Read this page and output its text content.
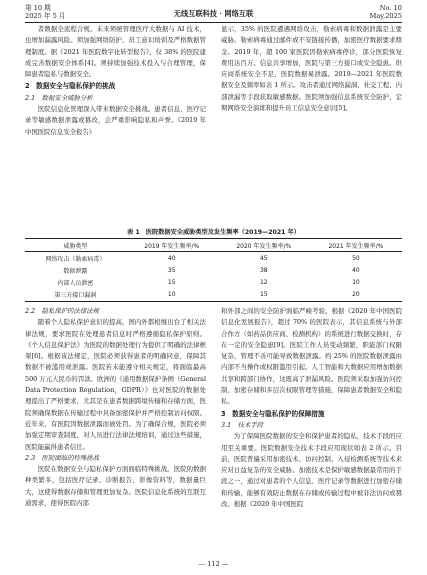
第 10 期
2025 年 5 月	无线互联科技 · 网络互联
No. 10
May,2025

者数据全流程合规。未来须统管理医疗大数据与 AI 技术，也增加漏露风险。须加强网络防护、员工意识培训及严格数据管理制度。据《2021 年医院数字化转型报告》，仅 38% 的医院建成完善数据安全体系[4]。须持续加强技术投入与合理管理，保障患者隐私与数据安全。

2　数据安全与隐私保护的挑战
2.1　数据安全威胁分析

医院信息化管理深入带来数据安全挑战。患者信息、医疗记录等敏感数据泄露或篡改，会严重影响隐私和声誉。《2019 年中国医院信息安全报告》

显示，35% 的医院遭遇网络攻击，勒索病毒和数据泄露是主要威胁。勒索病毒通过邮件或不安链接传播，加密医疗数据要求赎金。2019 年，超 100 家医院因勒索病毒停诊，部分医院恢复费用达百万。信息共享增加，医院与第三方接口或安全隐患。供应商系统安全不足，医院数据易泄露。2019—2021 年医院数据安全及频率如表 1 所示。攻击者通过网络漏洞、社交工程、内部泄漏等手段获取敏感数据。医院须加强信息系统安全防护，定期网络安全演练和提升员工信息安全意识[5]。

表 1　医院数据安全威胁类型及发生频率（2019—2021 年）
威胁类型	2019 年发生频率/%	2020 年发生频率/%	2021 年发生频率/%
网络攻击（勒索病毒）	40	45	50
数据泄露	35	38	40
内部人员泄密	15	12	10
第三方接口漏洞	10	15	20
2.2　隐私保护的法律法规

随着个人隐私保护意识的提高，国内外都相继出台了相关法律法规，要求医院在处理患者信息时严格遵循隐私保护原则。《个人信息保护法》为医院的数据处理行为提供了明确的法律框架[6]。根据该法规定，医院必须获得患者的明确同意，保障其数据不被滥用或泄露。医院若未能遵守相关规定，将面临最高 500 万元人民币的罚款。欧洲的《通用数据保护条例（General Data Protection Regulation，GDPR）》也对医院的数据处理提出了严格要求，尤其是在患者数据跨境传输和存储方面，医院须确保数据在传输过程中具备加密保护并严格控制访问权限。近年来，有医院因数据泄露而被处罚。为了确保合规，医院必须加强定期审查制度，对人员进行法律法规培训，通过这些措施，医院能赢得患者信任。

2.3　医院面临的特殊挑战

医院在数据安全与隐私保护方面面临特殊挑战。医院的数据种类繁多，包括医疗记录、诊断报告、影像资料等，数据量巨大，这使得数据存储和管理更加复杂。医院信息化系统的互联互通需求，使得医院内部

和外部之间的安全防护面临严峻考验。根据《2020 年中国医院信息化发展报告》，超过 70% 的医院表示，其信息系统与外部合作方（如药品供应商、检测机构）的系统进行数据交换时，存在一定的安全隐患[9]。医院工作人员变动频繁，职能部门权限复杂，管理不善可能导致数据泄露。约 25% 的医院数据泄露由内部不当操作或权限滥用引起。人工智能和大数据应用增加数据共享和跨部门协作，这既高了泄漏风险。医院须采取加强访问控制、加密存储和多层次权限管理等措施，保障患者数据安全和隐私。

3　数据安全与隐私保护的保障措施
3.1　技术手段

为了保障医院数据的安全和保护患者的隐私，技术手段的应用至关重要。医院数据安全技术手段应用现状如表 2 所示。目前，医院普遍采用加密技术、访问控制、入侵检测系统等技术来应对日益复杂的安全威胁。加密技术是保护敏感数据最常用的手段之一，通过对患者的个人信息、医疗记录等数据进行加密存储和传输，能够有效防止数据在存储或传输过程中被非法访问或篡改。根据《2020 年中国医院

— 112 —
